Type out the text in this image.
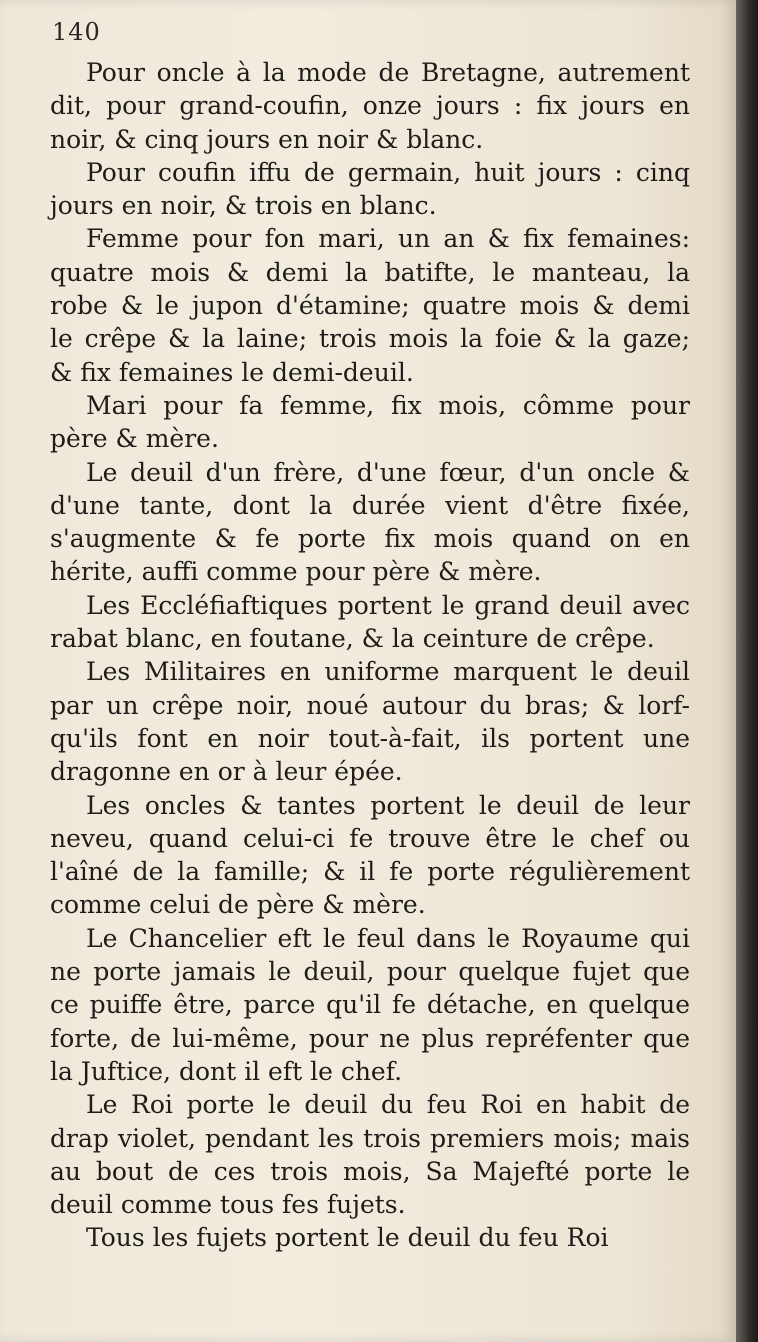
140
Pour oncle à la mode de Bretagne, autrement
dit, pour grand-coufin, onze jours : fix jours en
noir, & cinq jours en noir & blanc.
Pour coufin iffu de germain, huit jours : cinq
jours en noir, & trois en blanc.
Femme pour fon mari, un an & fix femaines:
quatre mois & demi la batifte, le manteau, la
robe & le jupon d'étamine; quatre mois & demi
le crêpe & la laine; trois mois la foie & la gaze;
& fix femaines le demi-deuil.
Mari pour fa femme, fix mois, cômme pour
père & mère.
Le deuil d'un frère, d'une fœur, d'un oncle &
d'une tante, dont la durée vient d'être fixée,
s'augmente & fe porte fix mois quand on en
hérite, auffi comme pour père & mère.
Les Eccléfiaftiques portent le grand deuil avec
rabat blanc, en foutane, & la ceinture de crêpe.
Les Militaires en uniforme marquent le deuil
par un crêpe noir, noué autour du bras; & lorf-
qu'ils font en noir tout-à-fait, ils portent une
dragonne en or à leur épée.
Les oncles & tantes portent le deuil de leur
neveu, quand celui-ci fe trouve être le chef ou
l'aîné de la famille; & il fe porte régulièrement
comme celui de père & mère.
Le Chancelier eft le feul dans le Royaume qui
ne porte jamais le deuil, pour quelque fujet que
ce puiffe être, parce qu'il fe détache, en quelque
forte, de lui-même, pour ne plus repréfenter que
la Juftice, dont il eft le chef.
Le Roi porte le deuil du feu Roi en habit de
drap violet, pendant les trois premiers mois; mais
au bout de ces trois mois, Sa Majefté porte le
deuil comme tous fes fujets.
Tous les fujets portent le deuil du feu Roi
